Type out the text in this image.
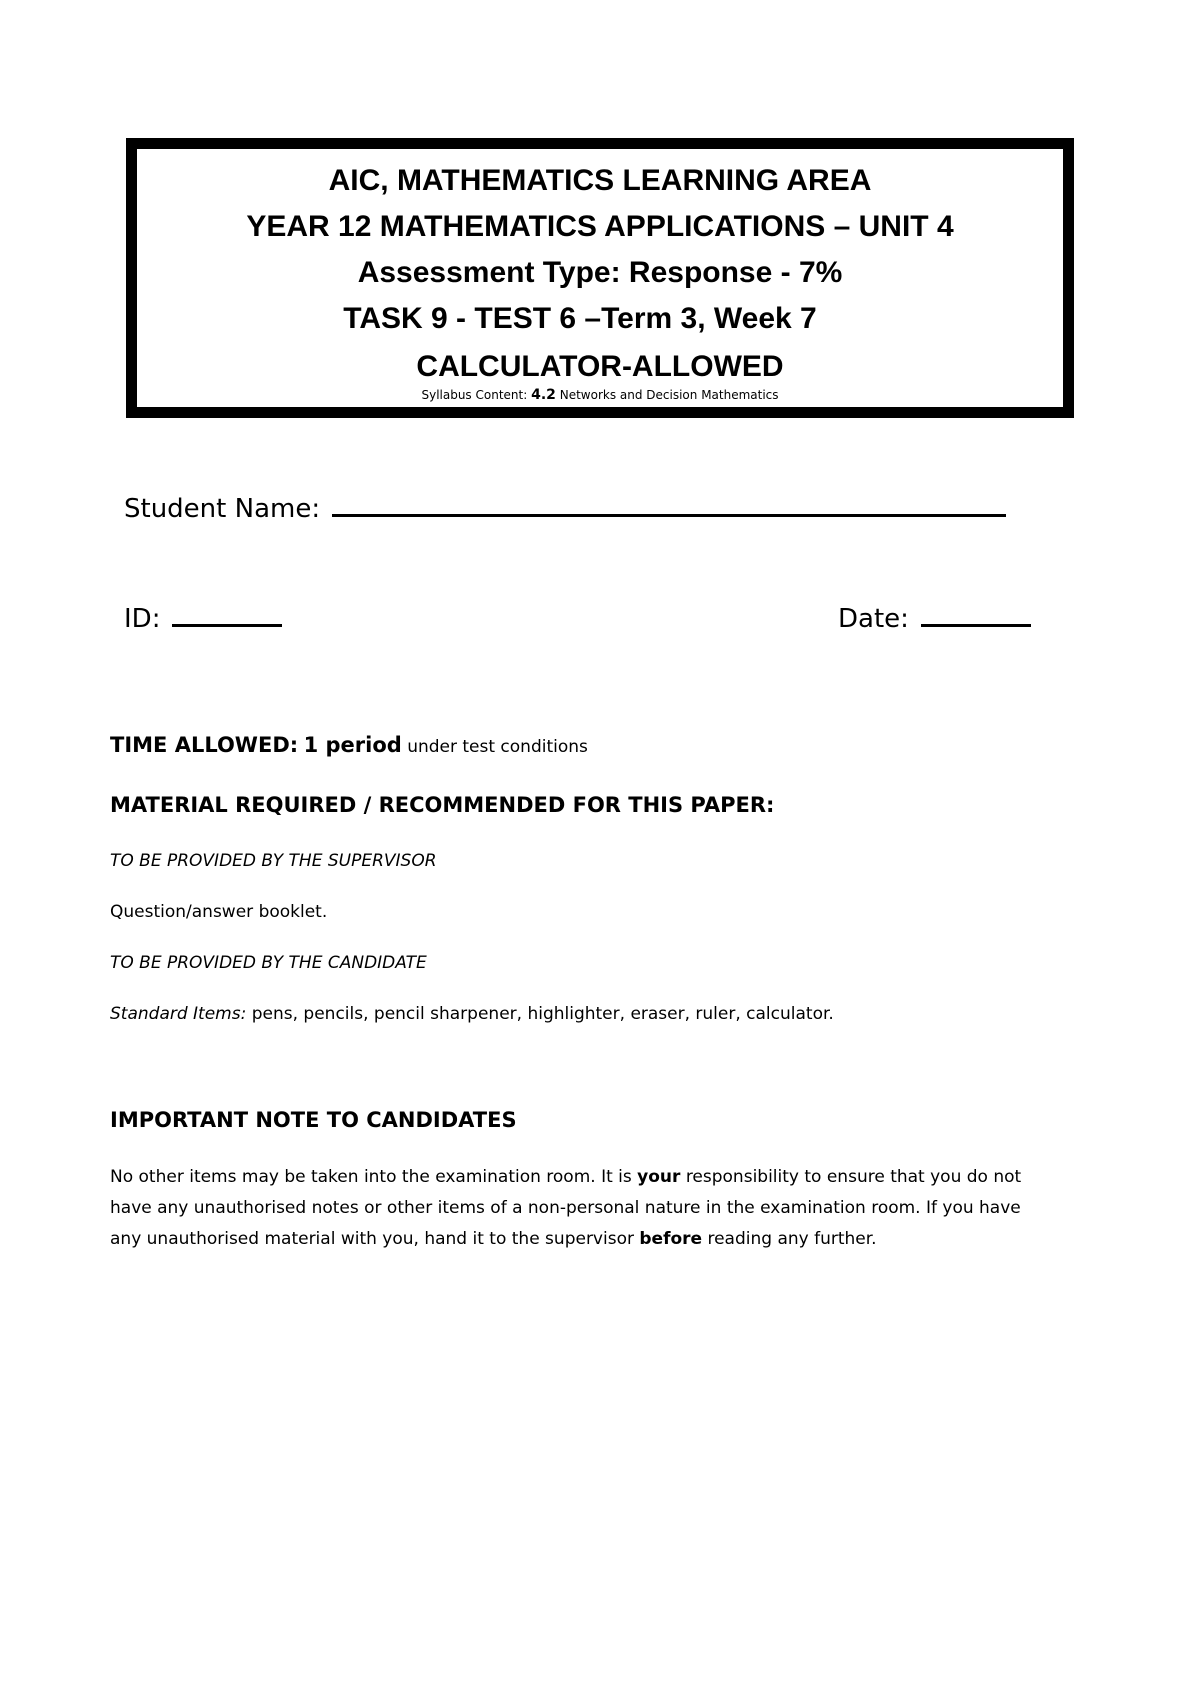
AIC, MATHEMATICS LEARNING AREA
YEAR 12 MATHEMATICS APPLICATIONS – UNIT 4
Assessment Type: Response - 7%
TASK 9 - TEST 6 –Term 3, Week 7
CALCULATOR-ALLOWED
Syllabus Content: 4.2 Networks and Decision Mathematics
Student Name:
ID:	Date:
TIME ALLOWED: 1 period under test conditions
MATERIAL REQUIRED / RECOMMENDED FOR THIS PAPER:
TO BE PROVIDED BY THE SUPERVISOR
Question/answer booklet.
TO BE PROVIDED BY THE CANDIDATE
Standard Items: pens, pencils, pencil sharpener, highlighter, eraser, ruler, calculator.
IMPORTANT NOTE TO CANDIDATES
No other items may be taken into the examination room. It is your responsibility to ensure that you do not
have any unauthorised notes or other items of a non-personal nature in the examination room. If you have
any unauthorised material with you, hand it to the supervisor before reading any further.
